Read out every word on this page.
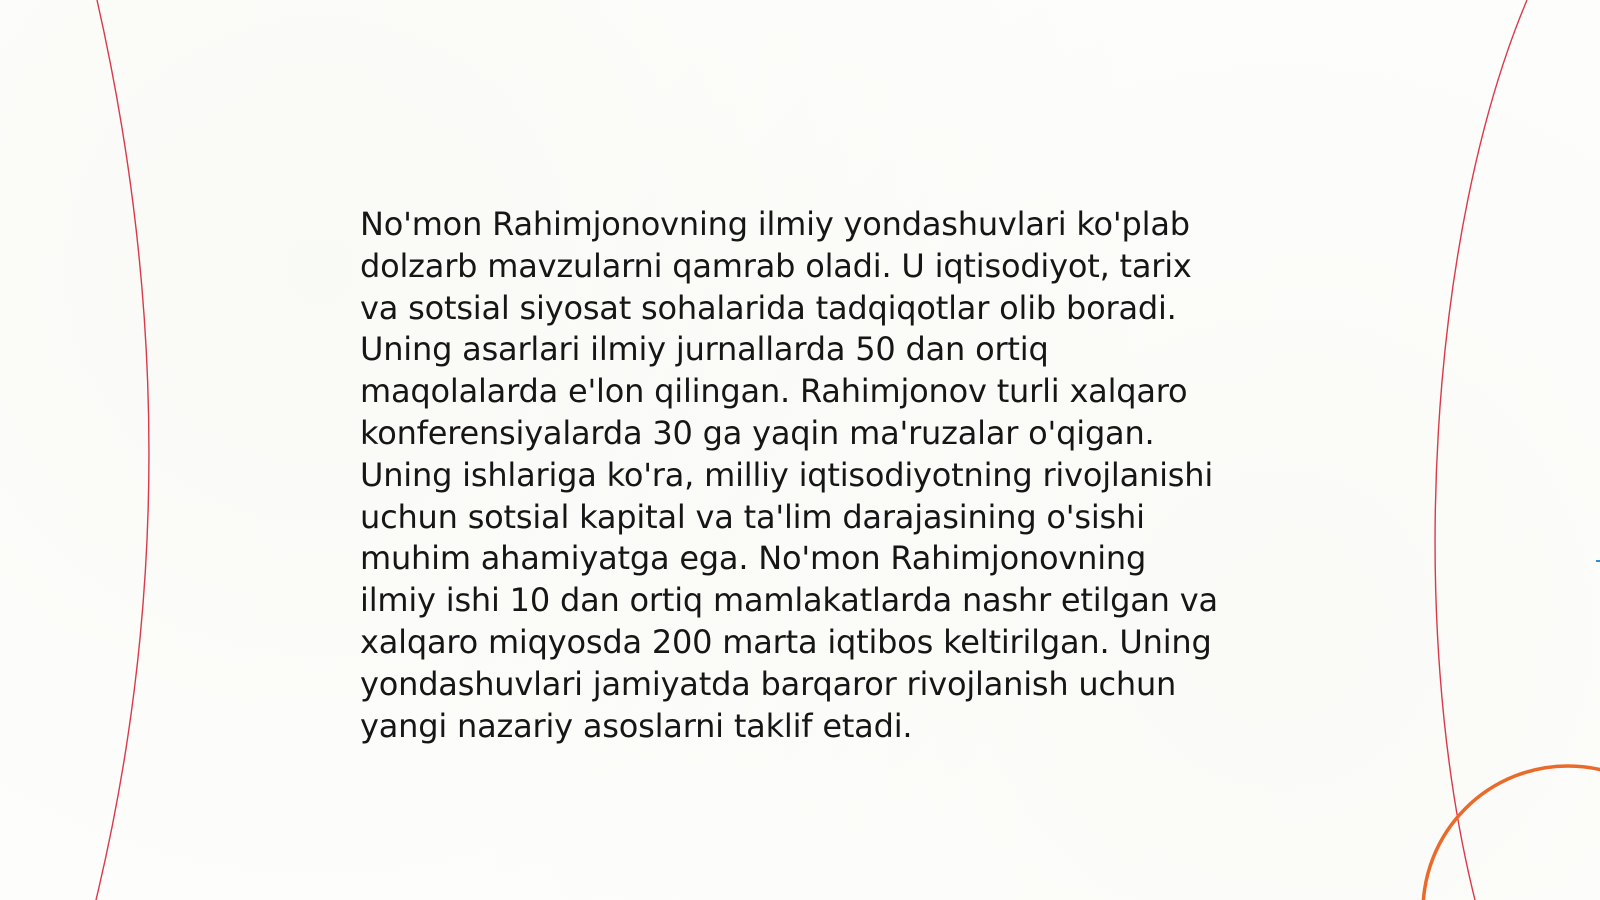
No'mon Rahimjonovning ilmiy yondashuvlari ko'plab
dolzarb mavzularni qamrab oladi. U iqtisodiyot, tarix
va sotsial siyosat sohalarida tadqiqotlar olib boradi.
Uning asarlari ilmiy jurnallarda 50 dan ortiq
maqolalarda e'lon qilingan. Rahimjonov turli xalqaro
konferensiyalarda 30 ga yaqin ma'ruzalar o'qigan.
Uning ishlariga ko'ra, milliy iqtisodiyotning rivojlanishi
uchun sotsial kapital va ta'lim darajasining o'sishi
muhim ahamiyatga ega. No'mon Rahimjonovning
ilmiy ishi 10 dan ortiq mamlakatlarda nashr etilgan va
xalqaro miqyosda 200 marta iqtibos keltirilgan. Uning
yondashuvlari jamiyatda barqaror rivojlanish uchun
yangi nazariy asoslarni taklif etadi.
